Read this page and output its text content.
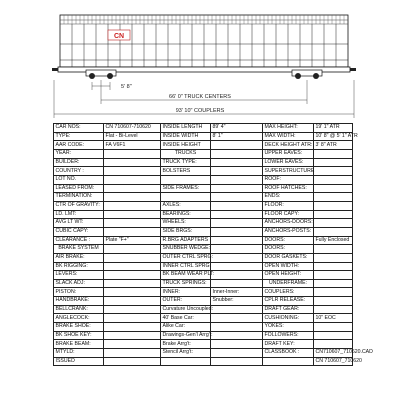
CN
5' 8"
66' 0" TRUCK CENTERS
93' 10" COUPLERS
CAR NOS:	CN 710607-710620	INSIDE LENGTH	89' 4"	MAX HEIGHT:	19' 1" ATR
TYPE:	Flat - Bi-Level	INSIDE WIDTH	8' 1"	MAX WIDTH:	10' 8" @ 5' 1" ATR
AAR CODE:	FA V6F1	INSIDE HEIGHT		DECK HEIGHT ATR:	3' 8" ATR
YEAR:		TRUCKS		UPPER EAVES:	
BUILDER:		TRUCK TYPE:		LOWER EAVES:	
COUNTRY :		BOLSTERS		SUPERSTRUCTURE	
LOT NO.				ROOF:	
LEASED FROM:		SIDE FRAMES:		ROOF HATCHES:	
TERMINATION:				ENDS:	
CTR OF GRAVITY:		AXLES:		FLOOR:	
LD. LMT:		BEARINGS:		FLOOR CAPY:	
AVG LT WT:		WHEELS:		ANCHORS-DOORS:	
CUBIC CAPY:		SIDE BRGS:		ANCHORS-POSTS:	
CLEARANCE :	Plate "F+"	R.BRG ADAPTERS		DOORS:	Fully Enclosed
BRAKE SYSTEM		SNUBBER WEDGE:		DOORS:	
AIR BRAKE:		OUTER CTRL SPRG:		DOOR GASKETS:	
BK RIGGING:		INNER CTRL SPRG:		OPEN WIDTH:	
LEVERS:		BK BEAM WEAR PLT:		OPEN HEIGHT:	
SLACK ADJ:		TRUCK SPRINGS:		UNDERFRAME:	
PISTON:		INNER:	Inner-Inner:	COUPLERS:	
HANDBRAKE:		OUTER:	Snubber:	CPLR RELEASE:	
BELLCRANK:		Curvature Uncoupled:		DRAFT GEAR:	
ANGLECOCK:		40' Base Car:		CUSHIONING:	10" EOC
BRAKE SHOE:		Alike Car:		YOKES:	
BK SHOE KEY:		Drawings-Gen'l Arrg't:		FOLLOWERS:	
BRAKE BEAM:		Brake Arrg't:		DRAFT KEY:	
MTYLD:		Stencil Arrg't:		CLASSBOOK :	CN710607_710620.CAD
ISSUED					CN 710607_710620
